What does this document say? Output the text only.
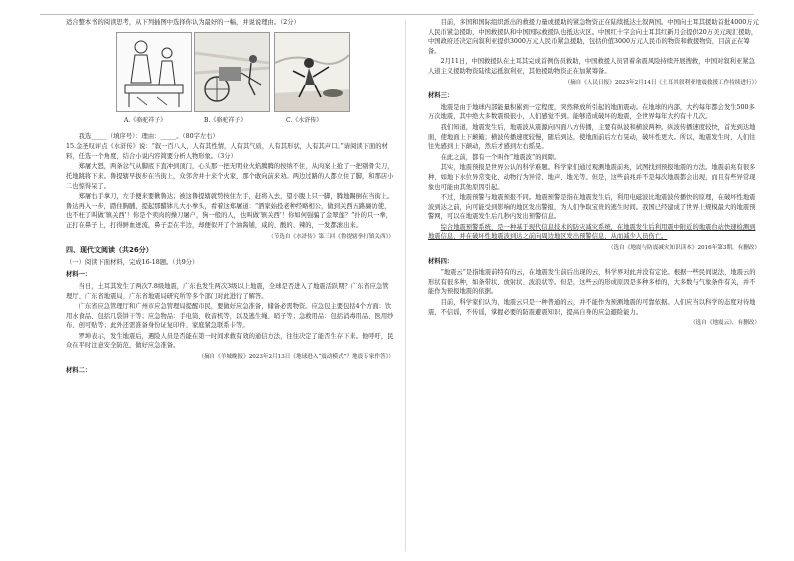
适合整本书的阅读思考，从下列插图中选择你认为最好的一幅，并说说理由。（2分）

A.《骆驼祥子》	B.《骆驼祥子》	C.《水浒传》

我选_____（填序号）：理由：_____。（80字左右）

15.金圣叹评点《水浒传》说：“叙一百八人，人有其性情，人有其气质，人有其形状，人有其声口。”请阅读下面的材料，任选一个角度，结合小说内容简要分析人物形象。（3分）

郑屠大怒，两条忿气从脚底下直冲到顶门，心头那一把无明业火焰腾腾的按纳不住，从肉案上抢了一把剔骨尖刀，托地跳将下来。鲁提辖早拔步在当街上，众邻舍并十来个火家，那个敢向前来劝。两边过路的人都立住了脚，和那店小二也惊得呆了。

郑屠右手拿刀，左手便来要揪鲁达；被这鲁提辖就势按住左手，赶将入去，望小腹上只一脚，腾地踢倒在当街上。鲁达再入一步，踏住胸脯，提起那醋钵儿大小拳头，看着这郑屠道：“洒家始投老种经略相公，做到关西五路廉访使，也不枉了叫做‘镇关西’！你是个卖肉的操刀屠户，狗一般的人，也叫做‘镇关西’！你如何强骗了金翠莲？”扑的只一拳，正打在鼻子上，打得鲜血迸流，鼻子歪在半边，却便似开了个油酱铺，咸的、酸的、辣的，一发都滚出来。

（节选自《水浒传》第三回《鲁提辖拳打镇关西》）

四、现代文阅读（共26分）

（一）阅读下面材料，完成16-18题。（共9分）

材料一：

当日，土耳其发生了两次7.8级地震，广东也发生两次3级以上地震，全球是否进入了地震活跃期？广东省应急管理厅、广东省地震局、广东省地震局研究所等多个部门对此进行了解答。

广东省应急管理厅和广州市应急管理局提醒市民，要做好应急准备，储备必需物资。应急包主要包括4个方面：饮用水食品、包括几袋饼干等；应急物品：手电筒、收音机等，以及逃生绳、哨子等；急救用品：包括消毒用品、医用纱布、创可贴等；此外还需准备身份证复印件、家庭紧急联系卡等。

罗坤表示，发生地震后，遇险人员是否能在第一时间求救有效的通信方法，往往决定了能否生存下来。他呼吁，民众在平时注意安全防范，做好应急准备。

（摘自《羊城晚报》2023年2月13日《地球进入“震动模式”？地震专家作答》）

材料二：

目前，多国和国际组织派出的救援力量或援助的紧急物资正在陆续抵达土叙两国。中国向土耳其援助首批4000万元人民币紧急援助，中国救援队和中国国际救援队也抵达灾区。中国红十字会向土耳其红新月会提供20万美元现汇援助，中国政府还决定向叙利亚提供3000万元人民币紧急援助，包括价值3000万元人民币的物资和救援物资，目前正在筹备。

2月11日，中国救援队在土耳其完成首例伤员救助，中国救援人员冒着余震风险持续开展搜救，中国对叙利亚紧急人道主义援助物资陆续运抵叙利亚，其他援助物资正在加紧筹备。

（摘自《人民日报》2023年2月14日《土耳其叙利亚地震救援工作持续进行》）

材料三：

地震是由于地球内部能量积累到一定程度，突然释放所引起的地面震动。在地球的内部，大约每年都会发生500多万次地震，其中绝大多数震级很小，人们感觉不到。能够造成破坏的地震，全世界每年大约有十几次。

我们知道，地震发生后，地震波从震源向四面八方传播，主要有纵波和横波两种。纵波传播速度较快，首先到达地面，使地面上下颠簸；横波传播速度较慢，随后到达，使地面前后左右晃动，破坏性更大。所以，地震发生时，人们往往先感到上下颠动，然后才感到左右摇晃。

在此之前，都有一个叫作“地震波”的间隙。

其实，地震预报是世界公认的科学难题。科学家们通过观测地震前兆，试图找到预报地震的方法。地震前兆有很多种，如地下水位异常变化、动物行为异常、地声、地光等。但是，这些前兆并不是每次地震都会出现，而且有些异常现象也可能由其他原因引起。

不过，地震预警与地震预报不同。地震预警是指在地震发生后，利用电磁波比地震波传播快的原理，在破坏性地震波到达之前，向可能受到影响的地区发出警报，为人们争取宝贵的逃生时间。我国已经建成了世界上规模最大的地震预警网，可以在地震发生后几秒内发出预警信息。

综合地震预警系统，是一种基于现代信息技术的防灾减灾系统，在地震发生后利用震中附近的地震台站快速检测到地震信息，并在破坏性地震波到达之前向周边地区发出预警信息，从而减少人员伤亡。

（选自《地震与防震减灾知识读本》2016年第3期，有删改）

材料四：

“地震云”是指地震前特有的云，在地震发生前后出现的云，科学界对此并没有定论。根据一些民间说法，地震云的形状有很多种，如条带状、放射状、波浪状等。但是，这些云的形成原因是多种多样的，大多数与气象条件有关，并不能作为预报地震的依据。

目前，科学家们认为，地震云只是一种普通的云，并不能作为预测地震的可靠依据。人们应当以科学的态度对待地震，不信谣，不传谣，掌握必要的防震避震知识，提高自身的应急避险能力。

（选自《地震云》，有删改）
